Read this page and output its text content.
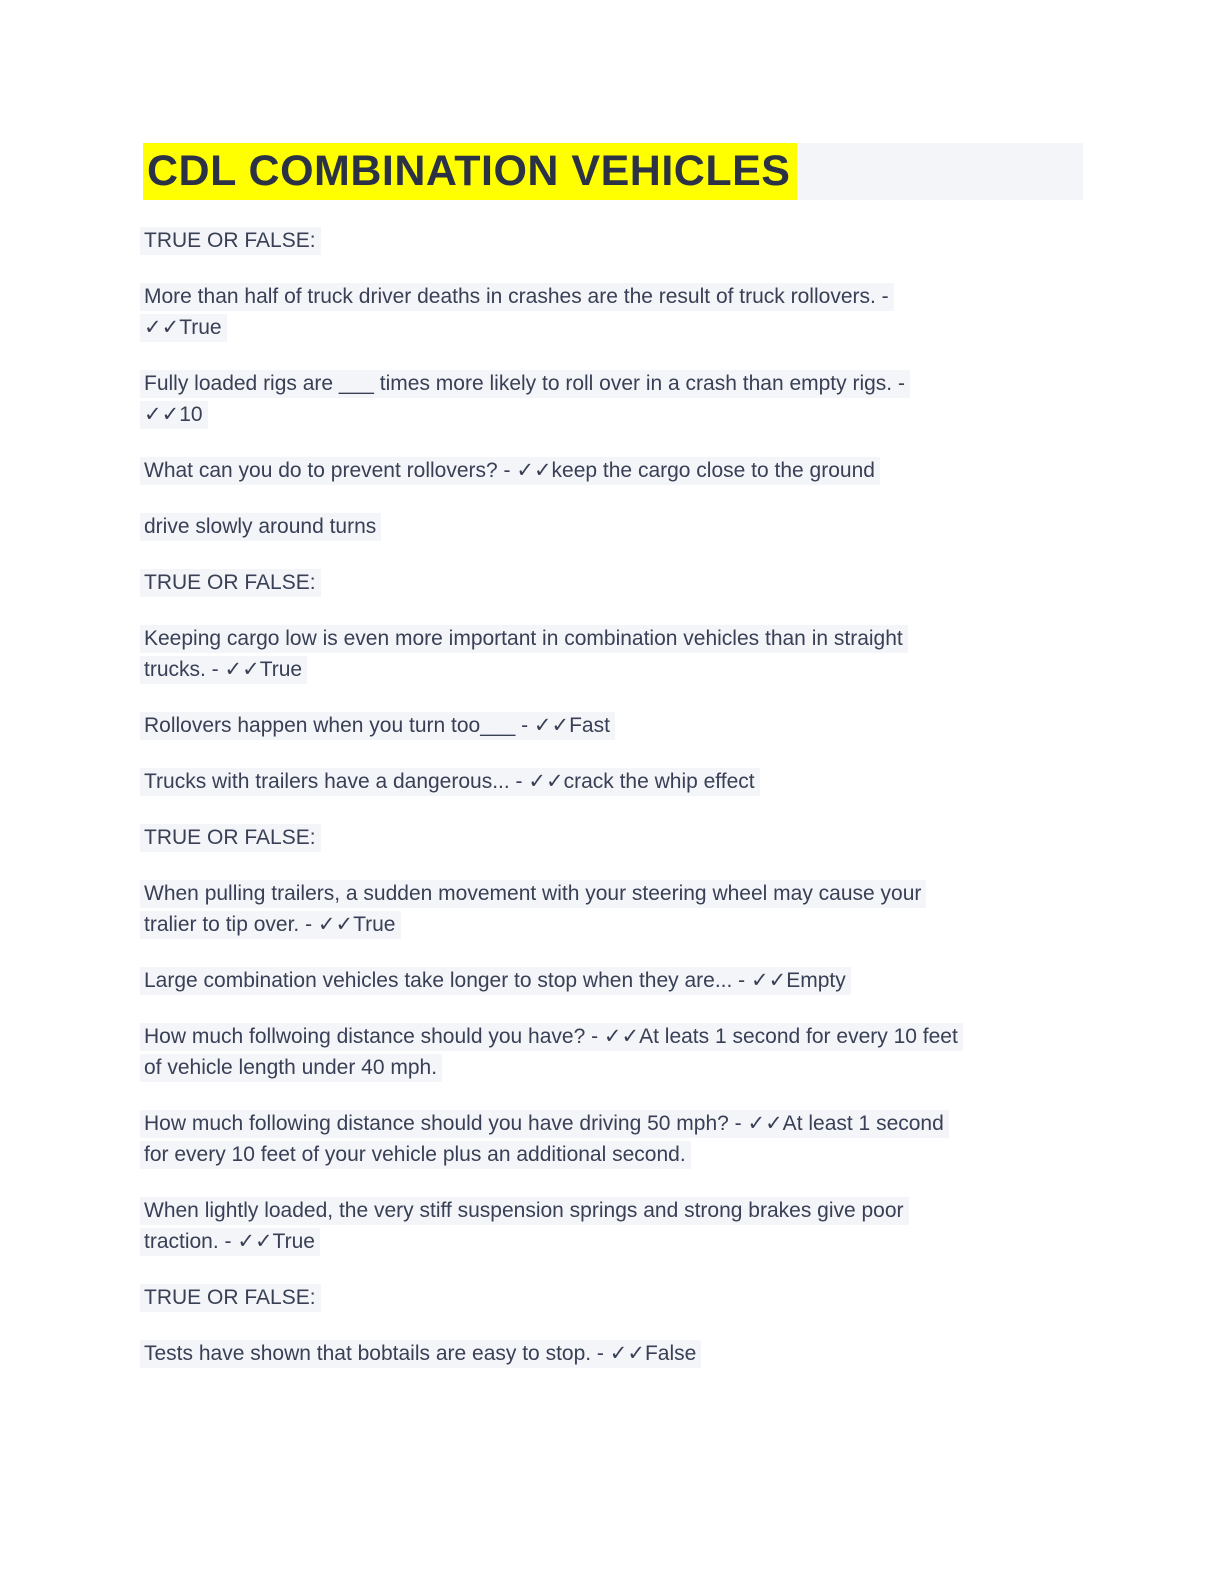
CDL COMBINATION VEHICLES

TRUE OR FALSE:

More than half of truck driver deaths in crashes are the result of truck rollovers. -
✓✓True

Fully loaded rigs are ___ times more likely to roll over in a crash than empty rigs. -
✓✓10

What can you do to prevent rollovers? - ✓✓keep the cargo close to the ground

drive slowly around turns

TRUE OR FALSE:

Keeping cargo low is even more important in combination vehicles than in straight
trucks. - ✓✓True

Rollovers happen when you turn too___ - ✓✓Fast

Trucks with trailers have a dangerous... - ✓✓crack the whip effect

TRUE OR FALSE:

When pulling trailers, a sudden movement with your steering wheel may cause your
tralier to tip over. - ✓✓True

Large combination vehicles take longer to stop when they are... - ✓✓Empty

How much follwoing distance should you have? - ✓✓At leats 1 second for every 10 feet
of vehicle length under 40 mph.

How much following distance should you have driving 50 mph? - ✓✓At least 1 second
for every 10 feet of your vehicle plus an additional second.

When lightly loaded, the very stiff suspension springs and strong brakes give poor
traction. - ✓✓True

TRUE OR FALSE:

Tests have shown that bobtails are easy to stop. - ✓✓False
